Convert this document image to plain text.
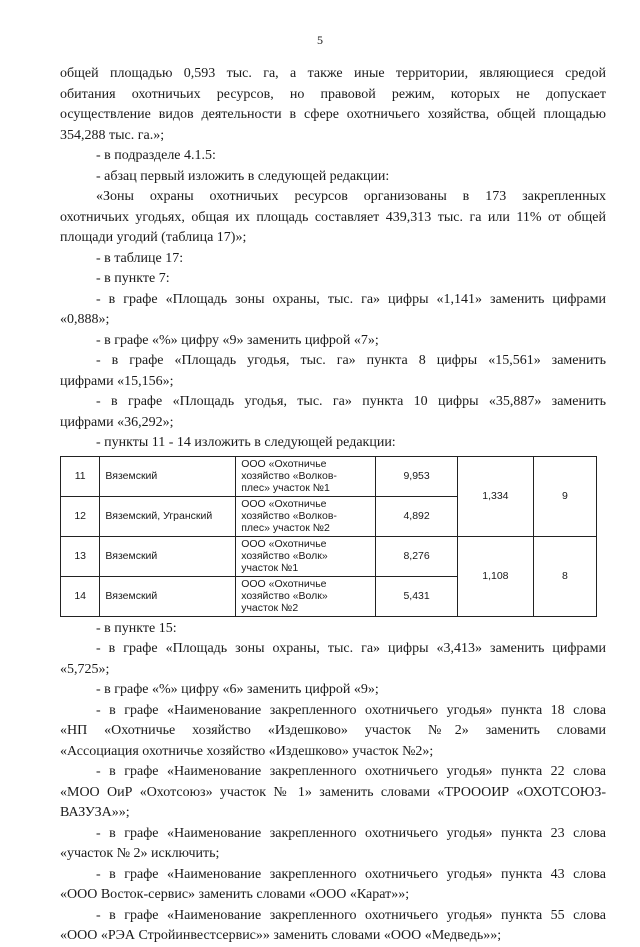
5
общей площадью 0,593 тыс. га, а также иные территории, являющиеся средой
обитания охотничьих ресурсов, но правовой режим, которых не допускает
осуществление видов деятельности в сфере охотничьего хозяйства, общей площадью
354,288 тыс. га.»;
- в подразделе 4.1.5:
- абзац первый изложить в следующей редакции:
«Зоны охраны охотничьих ресурсов организованы в 173 закрепленных
охотничьих угодьях, общая их площадь составляет 439,313 тыс. га или 11% от общей
площади угодий (таблица 17)»;
- в таблице 17:
- в пункте 7:
- в графе «Площадь зоны охраны, тыс. га» цифры «1,141» заменить цифрами
«0,888»;
- в графе «%» цифру «9» заменить цифрой «7»;
- в графе «Площадь угодья, тыс. га» пункта 8 цифры «15,561» заменить
цифрами «15,156»;
- в графе «Площадь угодья, тыс. га» пункта 10 цифры «35,887» заменить
цифрами «36,292»;
- пункты 11 - 14 изложить в следующей редакции:
11	Вяземский	ООО «Охотничье
хозяйство «Волков-
плес» участок №1	9,953	1,334	9
12	Вяземский, Угранский	ООО «Охотничье
хозяйство «Волков-
плес» участок №2	4,892		
13	Вяземский	ООО «Охотничье
хозяйство «Волк»
участок №1	8,276	1,108	8
14	Вяземский	ООО «Охотничье
хозяйство «Волк»
участок №2	5,431		
- в пункте 15:
- в графе «Площадь зоны охраны, тыс. га» цифры «3,413» заменить цифрами
«5,725»;
- в графе «%» цифру «6» заменить цифрой «9»;
- в графе «Наименование закрепленного охотничьего угодья» пункта 18 слова
«НП «Охотничье хозяйство «Издешково» участок №2» заменить словами
«Ассоциация охотничье хозяйство «Издешково» участок №2»;
- в графе «Наименование закрепленного охотничьего угодья» пункта 22 слова
«МОО ОиР «Охотсоюз» участок № 1» заменить словами «ТРОООИР «ОХОТСОЮЗ-
ВАЗУЗА»»;
- в графе «Наименование закрепленного охотничьего угодья» пункта 23 слова
«участок № 2» исключить;
- в графе «Наименование закрепленного охотничьего угодья» пункта 43 слова
«ООО Восток-сервис» заменить словами «ООО «Карат»»;
- в графе «Наименование закрепленного охотничьего угодья» пункта 55 слова
«ООО «РЭА Стройинвестсервис»» заменить словами «ООО «Медведь»»;
